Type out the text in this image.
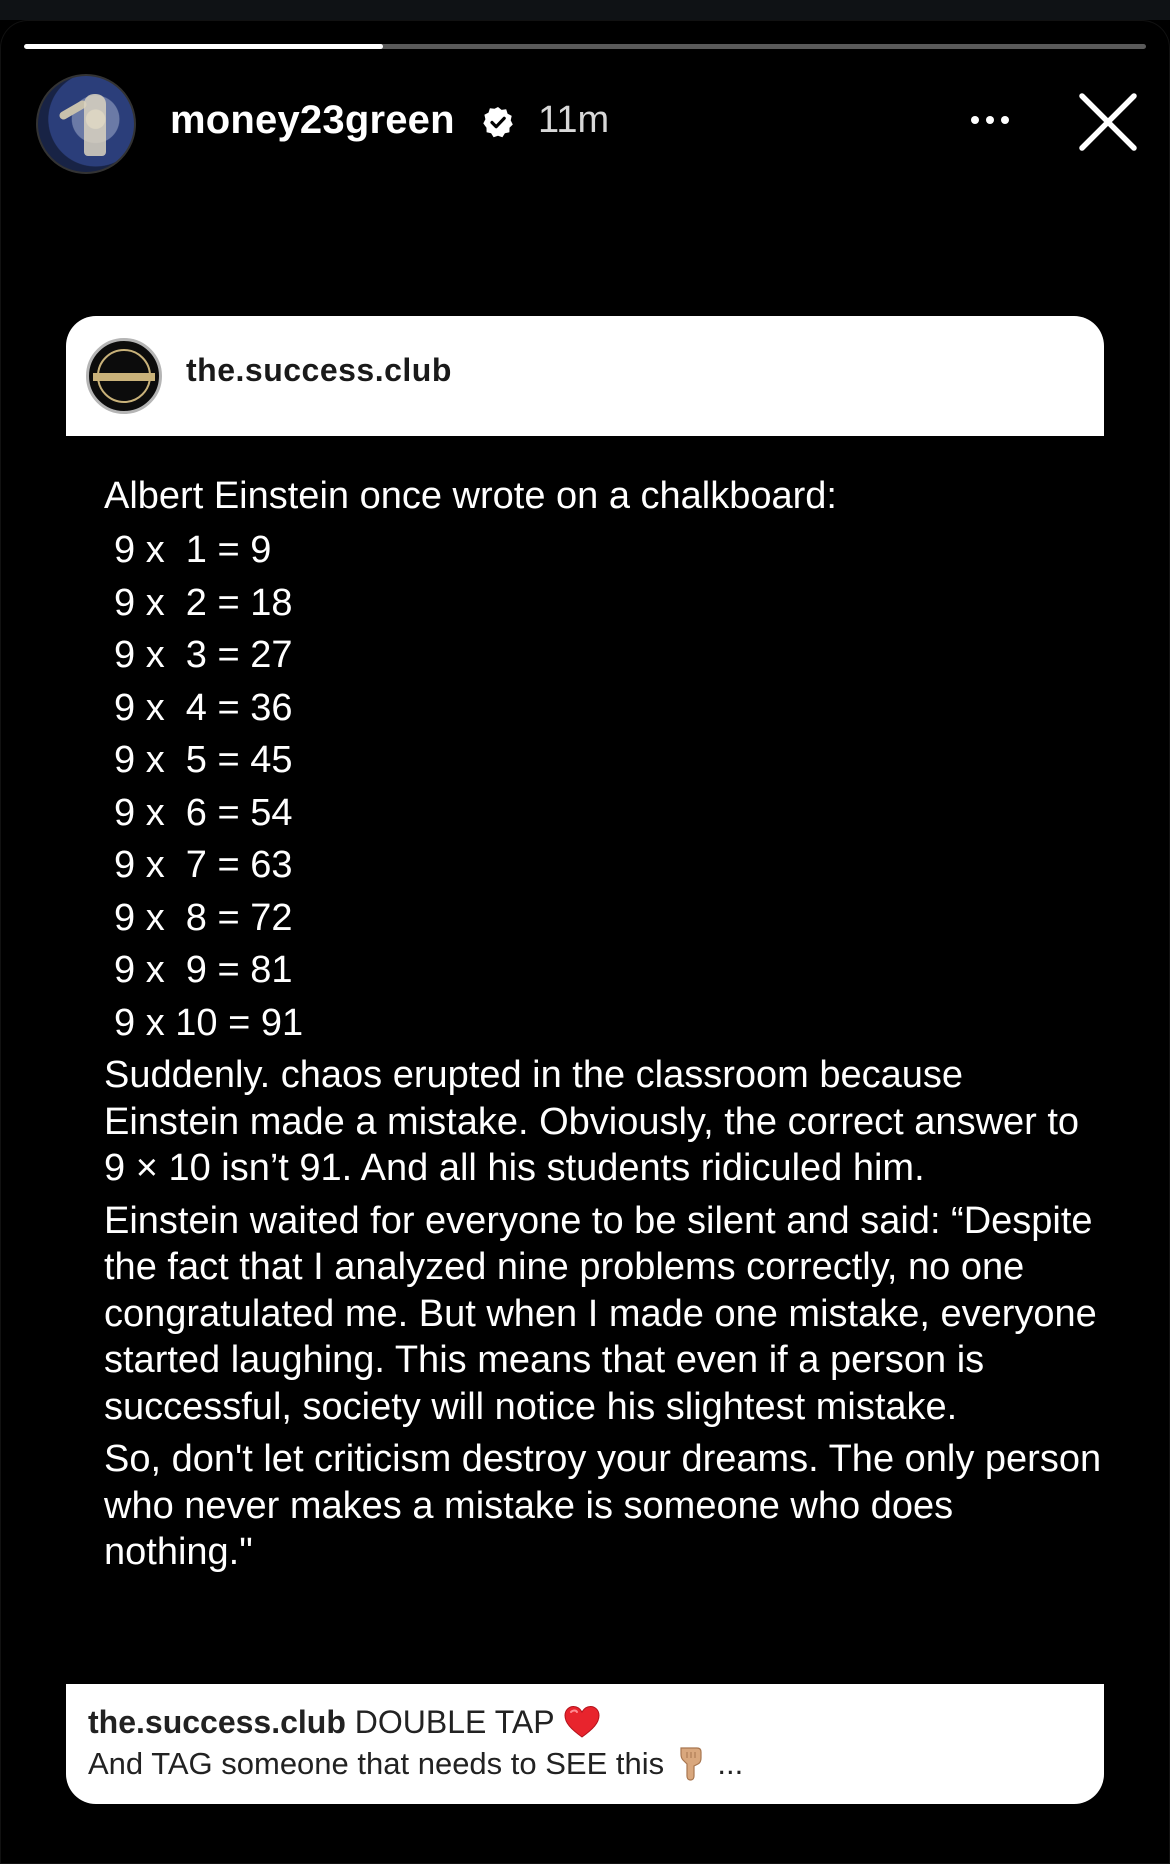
money23green 11m
the.success.club
Albert Einstein once wrote on a chalkboard:
9 x  1 = 9
9 x  2 = 18
9 x  3 = 27
9 x  4 = 36
9 x  5 = 45
9 x  6 = 54
9 x  7 = 63
9 x  8 = 72
9 x  9 = 81
9 x 10 = 91

Suddenly. chaos erupted in the classroom because Einstein made a mistake. Obviously, the correct answer to 9 × 10 isn’t 91. And all his students ridiculed him.

Einstein waited for everyone to be silent and said: “Despite the fact that I analyzed nine problems correctly, no one congratulated me. But when I made one mistake, everyone started laughing. This means that even if a person is successful, society will notice his slightest mistake.

So, don't let criticism destroy your dreams. The only person who never makes a mistake is someone who does nothing."

the.success.club DOUBLE TAP
And TAG someone that needs to SEE this  ...
